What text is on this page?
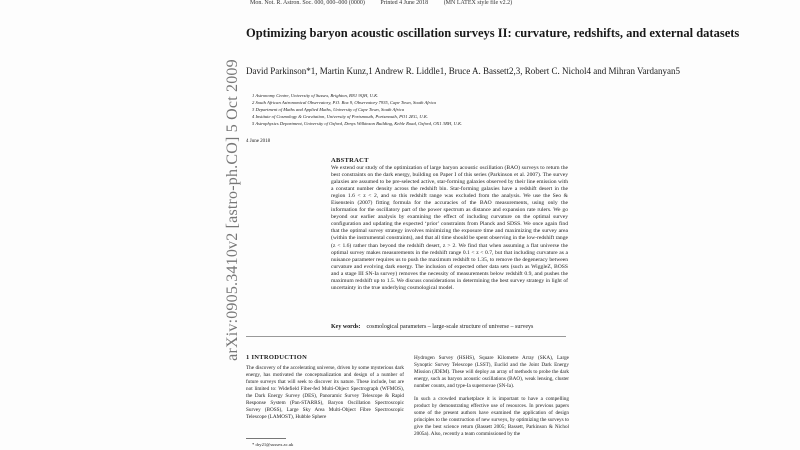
Mon. Not. R. Astron. Soc. 000, 000–000 (0000)	Printed 4 June 2018	(MN LATEX style file v2.2)
arXiv:0905.3410v2 [astro-ph.CO] 5 Oct 2009
Optimizing baryon acoustic oscillation surveys II: curvature, redshifts, and external datasets
David Parkinson*1, Martin Kunz,1 Andrew R. Liddle1, Bruce A. Bassett2,3, Robert C. Nichol4 and Mihran Vardanyan5
1 Astronomy Centre, University of Sussex, Brighton, BN1 9QH, U.K.
2 South African Astronomical Observatory, P.O. Box 9, Observatory 7935, Cape Town, South Africa
3 Department of Maths and Applied Maths, University of Cape Town, South Africa
4 Institute of Cosmology & Gravitation, University of Portsmouth, Portsmouth, PO1 2EG, U.K.
5 Astrophysics Department, University of Oxford, Denys Wilkinson Building, Keble Road, Oxford, OX1 3RH, U.K.
4 June 2018
ABSTRACT
We extend our study of the optimization of large baryon acoustic oscillation (BAO) surveys to return the best constraints on the dark energy, building on Paper I of this series (Parkinson et al. 2007). The survey galaxies are assumed to be pre-selected active, star-forming galaxies observed by their line emission with a constant number density across the redshift bin. Star-forming galaxies have a redshift desert in the region 1.6 < z < 2, and so this redshift range was excluded from the analysis. We use the Seo & Eisenstein (2007) fitting formula for the accuracies of the BAO measurements, using only the information for the oscillatory part of the power spectrum as distance and expansion rate rulers. We go beyond our earlier analysis by examining the effect of including curvature on the optimal survey configuration and updating the expected ‘prior’ constraints from Planck and SDSS. We once again find that the optimal survey strategy involves minimizing the exposure time and maximizing the survey area (within the instrumental constraints), and that all time should be spent observing in the low-redshift range (z < 1.6) rather than beyond the redshift desert, z > 2. We find that when assuming a flat universe the optimal survey makes measurements in the redshift range 0.1 < z < 0.7, but that including curvature as a nuisance parameter requires us to push the maximum redshift to 1.35, to remove the degeneracy between curvature and evolving dark energy. The inclusion of expected other data sets (such as WiggleZ, BOSS and a stage III SN-Ia survey) removes the necessity of measurements below redshift 0.9, and pushes the maximum redshift up to 1.5. We discuss considerations in determining the best survey strategy in light of uncertainty in the true underlying cosmological model.
Key words: cosmological parameters – large-scale structure of universe – surveys
1 INTRODUCTION
The discovery of the accelerating universe, driven by some mysterious dark energy, has motivated the conceptualization and design of a number of future surveys that will seek to discover its nature. These include, but are not limited to: Widefield Fiber-fed Multi-Object Spectrograph (WFMOS), the Dark Energy Survey (DES), Panoramic Survey Telescope & Rapid Response System (Pan-STARRS), Baryon Oscillation Spectroscopic Survey (BOSS), Large Sky Area Multi-Object Fibre Spectroscopic Telescope (LAMOST), Hubble Sphere

Hydrogen Survey (HSHS), Square Kilometre Array (SKA), Large Synoptic Survey Telescope (LSST), Euclid and the Joint Dark Energy Mission (JDEM). These will deploy an array of methods to probe the dark energy, such as baryon acoustic oscillations (BAO), weak lensing, cluster number counts, and type-Ia supernovae (SN-Ia).

In such a crowded marketplace it is important to have a compelling product by demonstrating effective use of resources. In previous papers some of the present authors have examined the application of design principles to the construction of new surveys, by optimizing the surveys to give the best science return (Bassett 2005; Bassett, Parkinson & Nichol 2005a). Also, recently a team commissioned by the

* dry21@sussex.ac.uk
